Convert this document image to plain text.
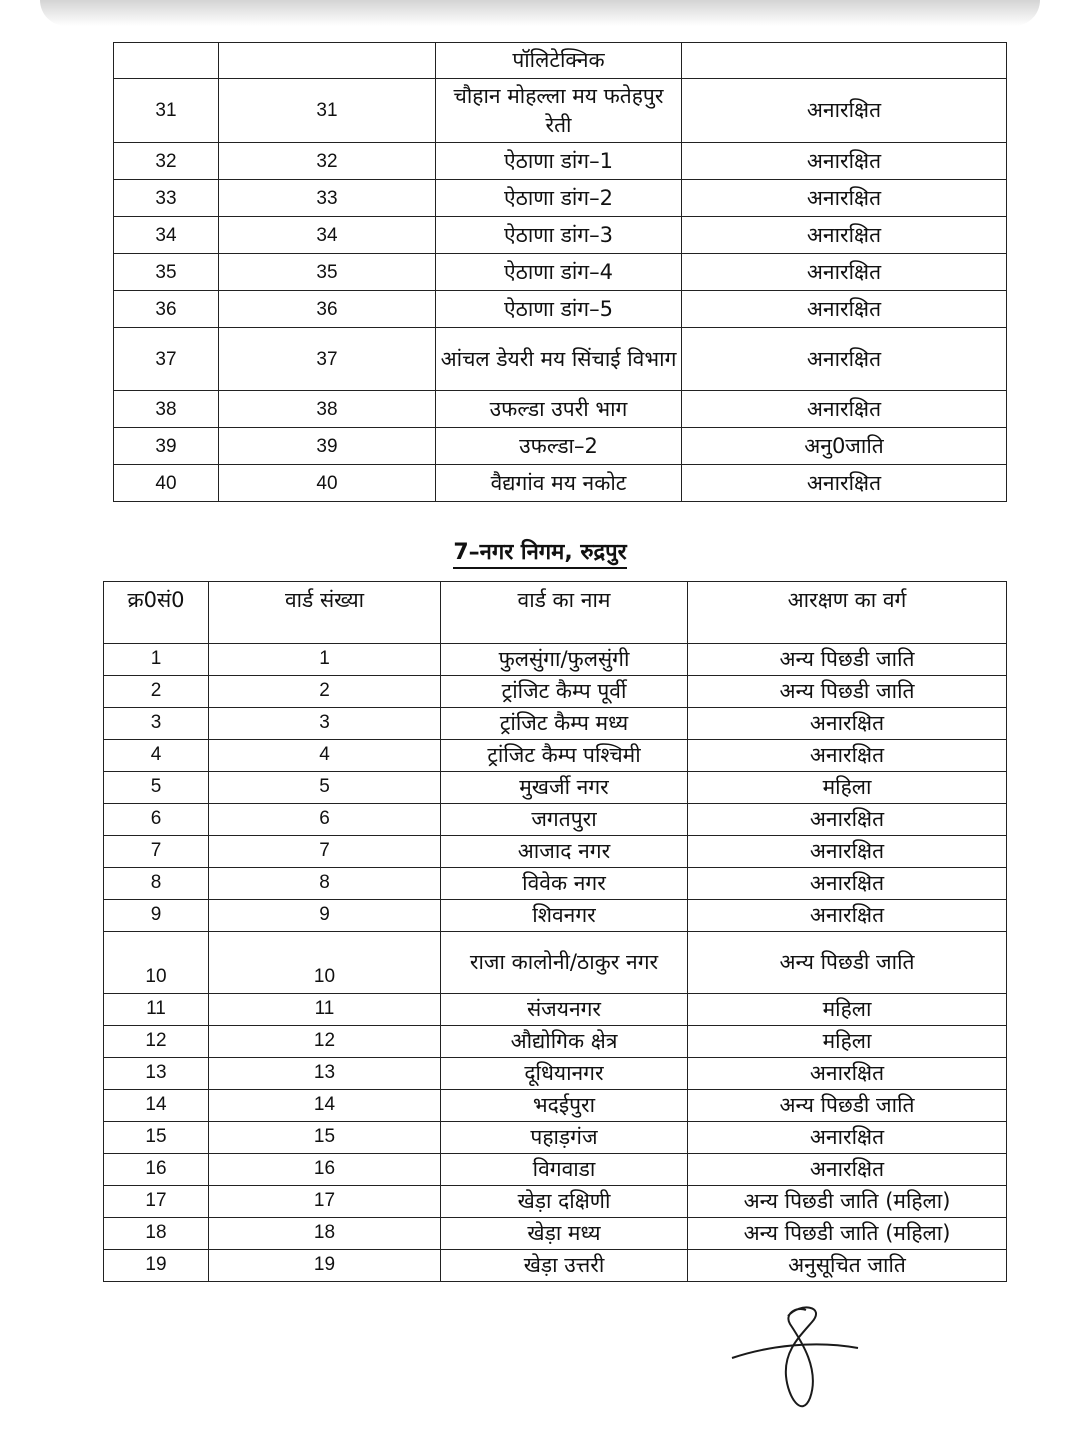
		पॉलिटेक्निक	
31	31	चौहान मोहल्ला मय फतेहपुर रेती	अनारक्षित
32	32	ऐठाणा डांग–1	अनारक्षित
33	33	ऐठाणा डांग–2	अनारक्षित
34	34	ऐठाणा डांग–3	अनारक्षित
35	35	ऐठाणा डांग–4	अनारक्षित
36	36	ऐठाणा डांग–5	अनारक्षित
37	37	आंचल डेयरी मय सिंचाई विभाग	अनारक्षित
38	38	उफल्डा उपरी भाग	अनारक्षित
39	39	उफल्डा–2	अनु0जाति
40	40	वैद्यगांव मय नकोट	अनारक्षित
7–नगर निगम, रुद्रपुर
क्र0सं0	वार्ड संख्या	वार्ड का नाम	आरक्षण का वर्ग
1	1	फुलसुंगा/फुलसुंगी	अन्य पिछडी जाति
2	2	ट्रांजिट कैम्प पूर्वी	अन्य पिछडी जाति
3	3	ट्रांजिट कैम्प मध्य	अनारक्षित
4	4	ट्रांजिट कैम्प पश्चिमी	अनारक्षित
5	5	मुखर्जी नगर	महिला
6	6	जगतपुरा	अनारक्षित
7	7	आजाद नगर	अनारक्षित
8	8	विवेक नगर	अनारक्षित
9	9	शिवनगर	अनारक्षित
10	10	राजा कालोनी/ठाकुर नगर	अन्य पिछडी जाति
11	11	संजयनगर	महिला
12	12	औद्योगिक क्षेत्र	महिला
13	13	दूधियानगर	अनारक्षित
14	14	भदईपुरा	अन्य पिछडी जाति
15	15	पहाड़गंज	अनारक्षित
16	16	विगवाडा	अनारक्षित
17	17	खेड़ा दक्षिणी	अन्य पिछडी जाति (महिला)
18	18	खेड़ा मध्य	अन्य पिछडी जाति (महिला)
19	19	खेड़ा उत्तरी	अनुसूचित जाति
